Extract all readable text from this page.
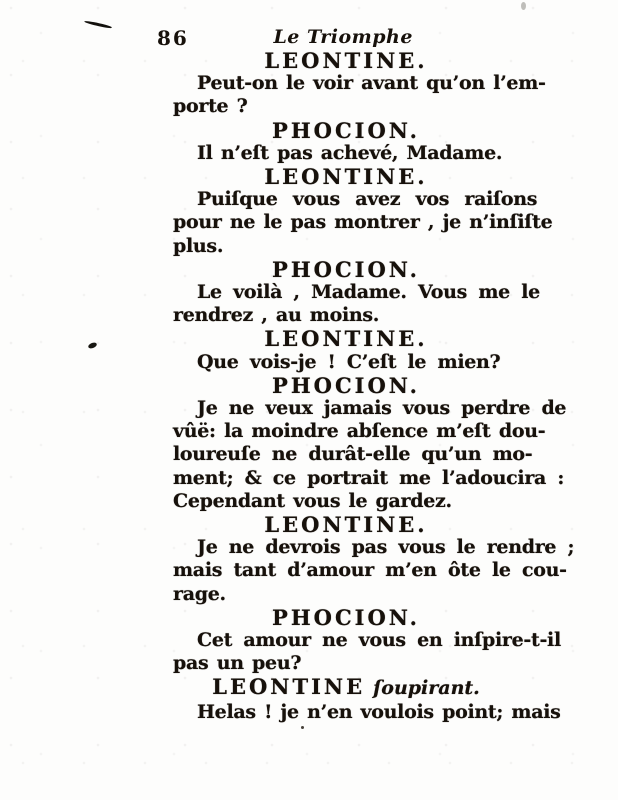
86	Le Triomphe
LEONTINE.
Peut-on le voir avant qu’on l’em-
porte ?
PHOCION.
Il n’eſt pas achevé, Madame.
LEONTINE.
Puiſque vous avez vos raiſons
pour ne le pas montrer , je n’inſiſte
plus.
PHOCION.
Le voilà , Madame. Vous me le
rendrez , au moins.
LEONTINE.
Que vois-je ! C’eſt le mien?
PHOCION.
Je ne veux jamais vous perdre de
vûë: la moindre abſence m’eſt dou-
loureuſe ne durât-elle qu’un mo-
ment; & ce portrait me l’adoucira :
Cependant vous le gardez.
LEONTINE.
Je ne devrois pas vous le rendre ;
mais tant d’amour m’en ôte le cou-
rage.
PHOCION.
Cet amour ne vous en inſpire-t-il
pas un peu?
LEONTINE ſoupirant.
Helas ! je n’en voulois point; mais
